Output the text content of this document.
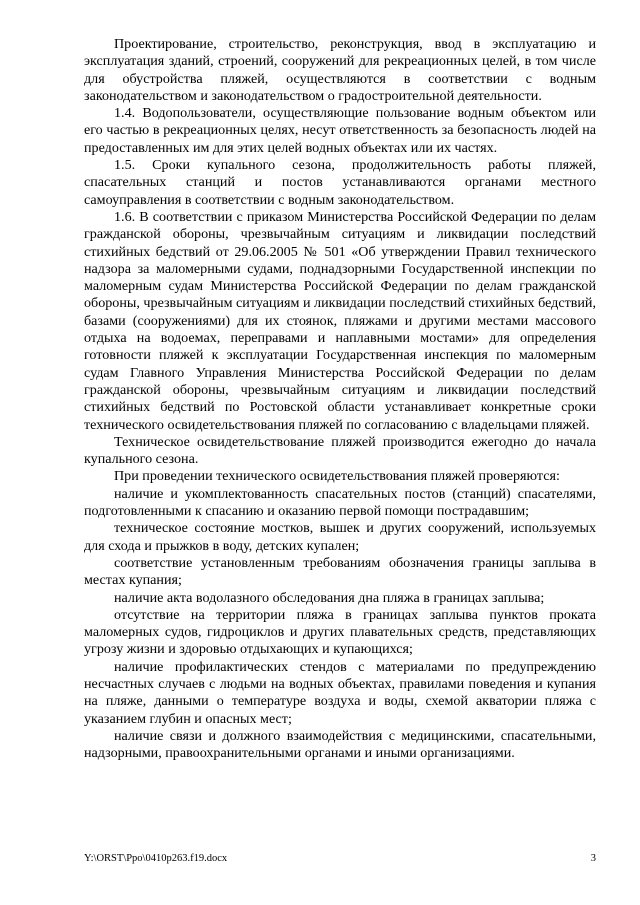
Проектирование, строительство, реконструкция, ввод в эксплуатацию и эксплуатация зданий, строений, сооружений для рекреационных целей, в том числе для обустройства пляжей, осуществляются в соответствии с водным законодательством и законодательством о градостроительной деятельности.

1.4. Водопользователи, осуществляющие пользование водным объектом или его частью в рекреационных целях, несут ответственность за безопасность людей на предоставленных им для этих целей водных объектах или их частях.

1.5. Сроки купального сезона, продолжительность работы пляжей, спасательных станций и постов устанавливаются органами местного самоуправления в соответствии с водным законодательством.

1.6. В соответствии с приказом Министерства Российской Федерации по делам гражданской обороны, чрезвычайным ситуациям и ликвидации последствий стихийных бедствий от 29.06.2005 № 501 «Об утверждении Правил технического надзора за маломерными судами, поднадзорными Государственной инспекции по маломерным судам Министерства Российской Федерации по делам гражданской обороны, чрезвычайным ситуациям и ликвидации последствий стихийных бедствий, базами (сооружениями) для их стоянок, пляжами и другими местами массового отдыха на водоемах, переправами и наплавными мостами» для определения готовности пляжей к эксплуатации Государственная инспекция по маломерным судам Главного Управления Министерства Российской Федерации по делам гражданской обороны, чрезвычайным ситуациям и ликвидации последствий стихийных бедствий по Ростовской области устанавливает конкретные сроки технического освидетельствования пляжей по согласованию с владельцами пляжей.

Техническое освидетельствование пляжей производится ежегодно до начала купального сезона.

При проведении технического освидетельствования пляжей проверяются:

наличие и укомплектованность спасательных постов (станций) спасателями, подготовленными к спасанию и оказанию первой помощи пострадавшим;

техническое состояние мостков, вышек и других сооружений, используемых для схода и прыжков в воду, детских купален;

соответствие установленным требованиям обозначения границы заплыва в местах купания;

наличие акта водолазного обследования дна пляжа в границах заплыва;

отсутствие на территории пляжа в границах заплыва пунктов проката маломерных судов, гидроциклов и других плавательных средств, представляющих угрозу жизни и здоровью отдыхающих и купающихся;

наличие профилактических стендов с материалами по предупреждению несчастных случаев с людьми на водных объектах, правилами поведения и купания на пляже, данными о температуре воздуха и воды, схемой акватории пляжа с указанием глубин и опасных мест;

наличие связи и должного взаимодействия с медицинскими, спасательными, надзорными, правоохранительными органами и иными организациями.

Y:\ORST\Ppo\0410p263.f19.docx	3
